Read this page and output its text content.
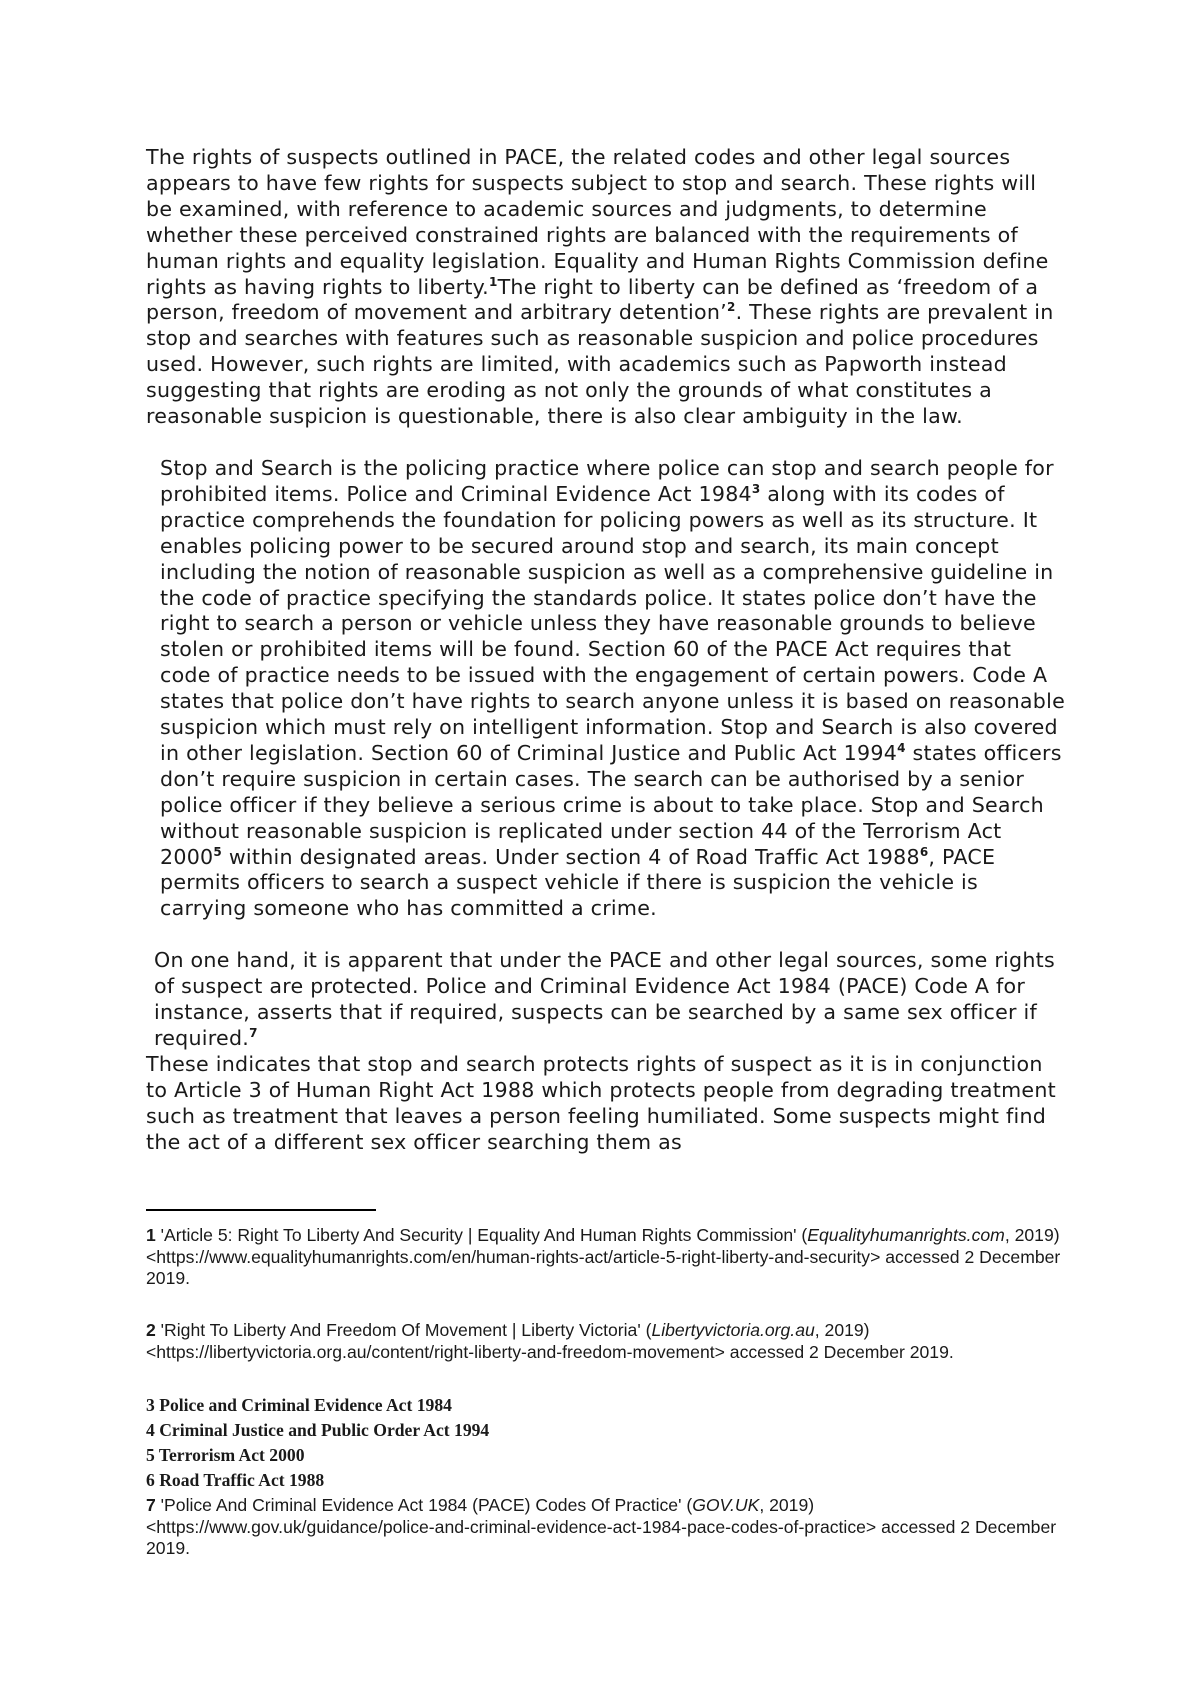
The rights of suspects outlined in PACE, the related codes and other legal sources appears to have few rights for suspects subject to stop and search. These rights will be examined, with reference to academic sources and judgments, to determine whether these perceived constrained rights are balanced with the requirements of human rights and equality legislation. Equality and Human Rights Commission define rights as having rights to liberty.$^1$The right to liberty can be defined as ‘freedom of a person, freedom of movement and arbitrary detention’$^2$. These rights are prevalent in stop and searches with features such as reasonable suspicion and police procedures used. However, such rights are limited, with academics such as Papworth instead suggesting that rights are eroding as not only the grounds of what constitutes a reasonable suspicion is questionable, there is also clear ambiguity in the law.

Stop and Search is the policing practice where police can stop and search people for prohibited items. Police and Criminal Evidence Act 1984$^3$ along with its codes of practice comprehends the foundation for policing powers as well as its structure. It enables policing power to be secured around stop and search, its main concept including the notion of reasonable suspicion as well as a comprehensive guideline in the code of practice specifying the standards police. It states police don’t have the right to search a person or vehicle unless they have reasonable grounds to believe stolen or prohibited items will be found. Section 60 of the PACE Act requires that code of practice needs to be issued with the engagement of certain powers. Code A states that police don’t have rights to search anyone unless it is based on reasonable suspicion which must rely on intelligent information. Stop and Search is also covered in other legislation. Section 60 of Criminal Justice and Public Act 1994$^4$ states officers don’t require suspicion in certain cases. The search can be authorised by a senior police officer if they believe a serious crime is about to take place. Stop and Search without reasonable suspicion is replicated under section 44 of the Terrorism Act 2000$^5$ within designated areas. Under section 4 of Road Traffic Act 1988$^6$, PACE permits officers to search a suspect vehicle if there is suspicion the vehicle is carrying someone who has committed a crime.

On one hand, it is apparent that under the PACE and other legal sources, some rights of suspect are protected. Police and Criminal Evidence Act 1984 (PACE) Code A for instance, asserts that if required, suspects can be searched by a same sex officer if required.$^7$

These indicates that stop and search protects rights of suspect as it is in conjunction to Article 3 of Human Right Act 1988 which protects people from degrading treatment such as treatment that leaves a person feeling humiliated. Some suspects might find the act of a different sex officer searching them as

1 'Article 5: Right To Liberty And Security | Equality And Human Rights Commission' (Equalityhumanrights.com, 2019) <https://www.equalityhumanrights.com/en/human-rights-act/article-5-right-liberty-and-security> accessed 2 December 2019.
2 'Right To Liberty And Freedom Of Movement | Liberty Victoria' (Libertyvictoria.org.au, 2019) <https://libertyvictoria.org.au/content/right-liberty-and-freedom-movement> accessed 2 December 2019.
3 Police and Criminal Evidence Act 1984
4 Criminal Justice and Public Order Act 1994
5 Terrorism Act 2000
6 Road Traffic Act 1988
7 'Police And Criminal Evidence Act 1984 (PACE) Codes Of Practice' (GOV.UK, 2019) <https://www.gov.uk/guidance/police-and-criminal-evidence-act-1984-pace-codes-of-practice> accessed 2 December 2019.
